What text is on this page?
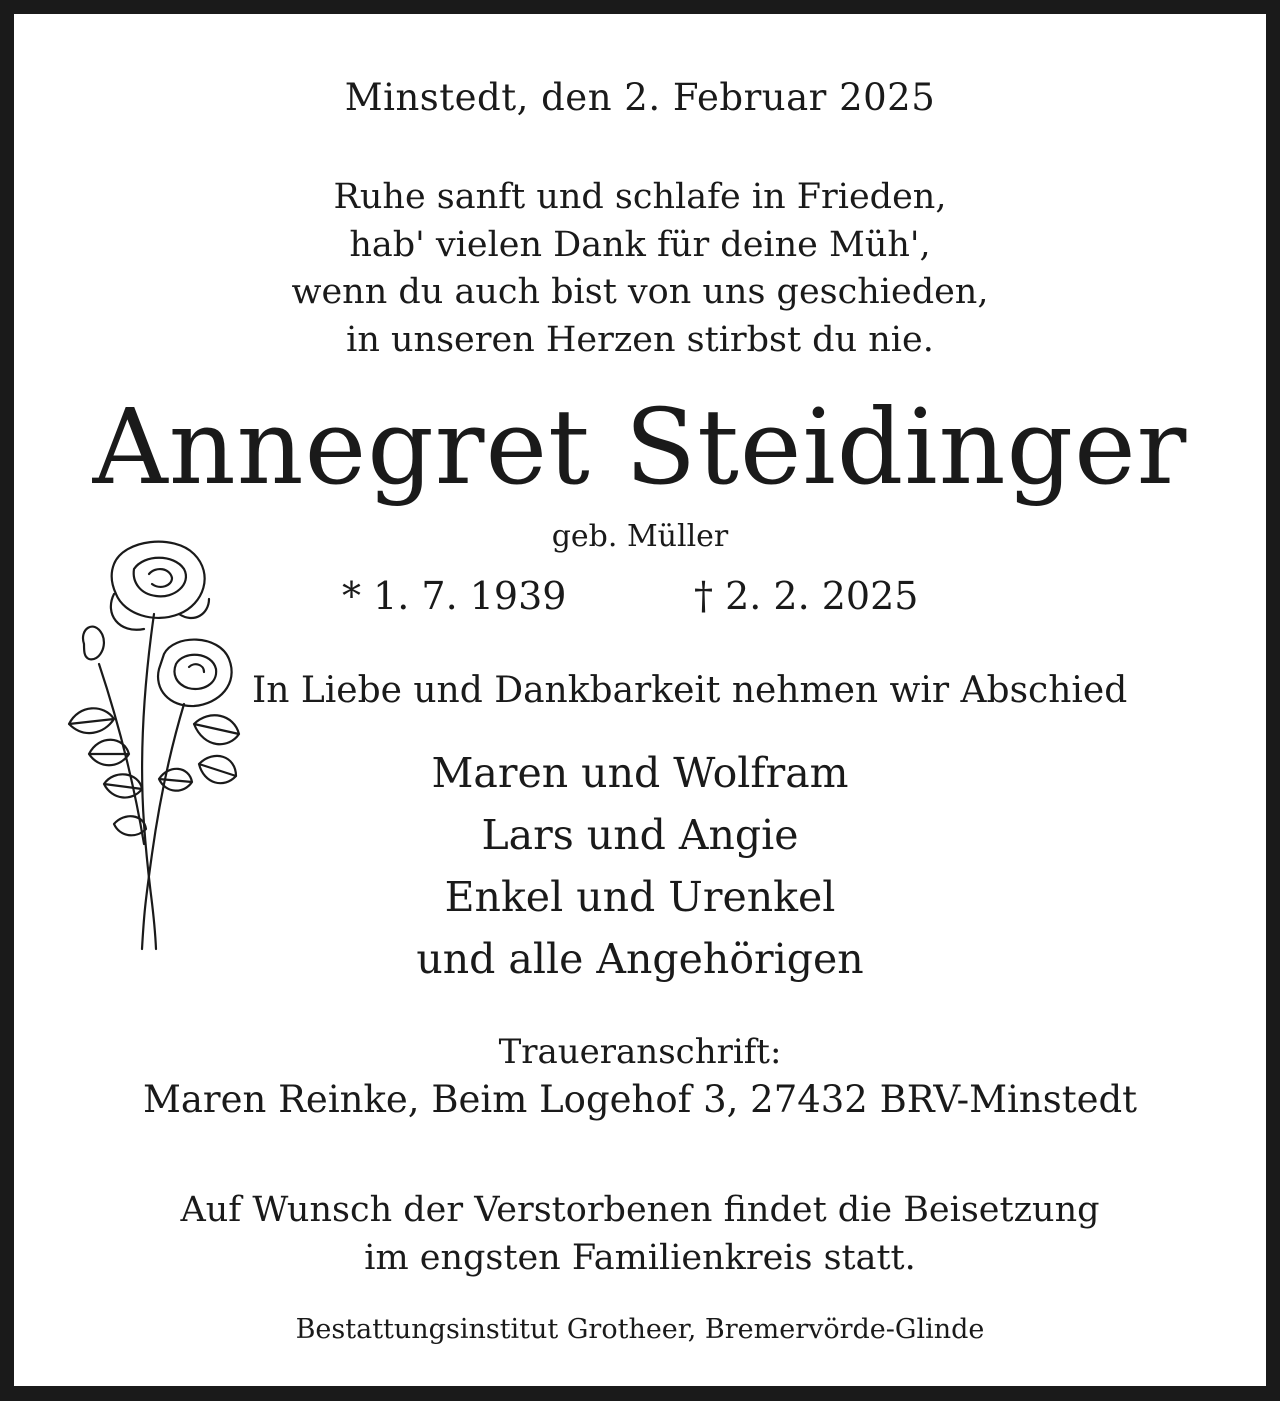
Minstedt, den 2. Februar 2025
Ruhe sanft und schlafe in Frieden,
hab' vielen Dank für deine Müh',
wenn du auch bist von uns geschieden,
in unseren Herzen stirbst du nie.
Annegret Steidinger
geb. Müller
* 1. 7. 1939	† 2. 2. 2025
In Liebe und Dankbarkeit nehmen wir Abschied
Maren und Wolfram
Lars und Angie
Enkel und Urenkel
und alle Angehörigen
Traueranschrift:
Maren Reinke, Beim Logehof 3, 27432 BRV-Minstedt
Auf Wunsch der Verstorbenen findet die Beisetzung
im engsten Familienkreis statt.
Bestattungsinstitut Grotheer, Bremervörde-Glinde
